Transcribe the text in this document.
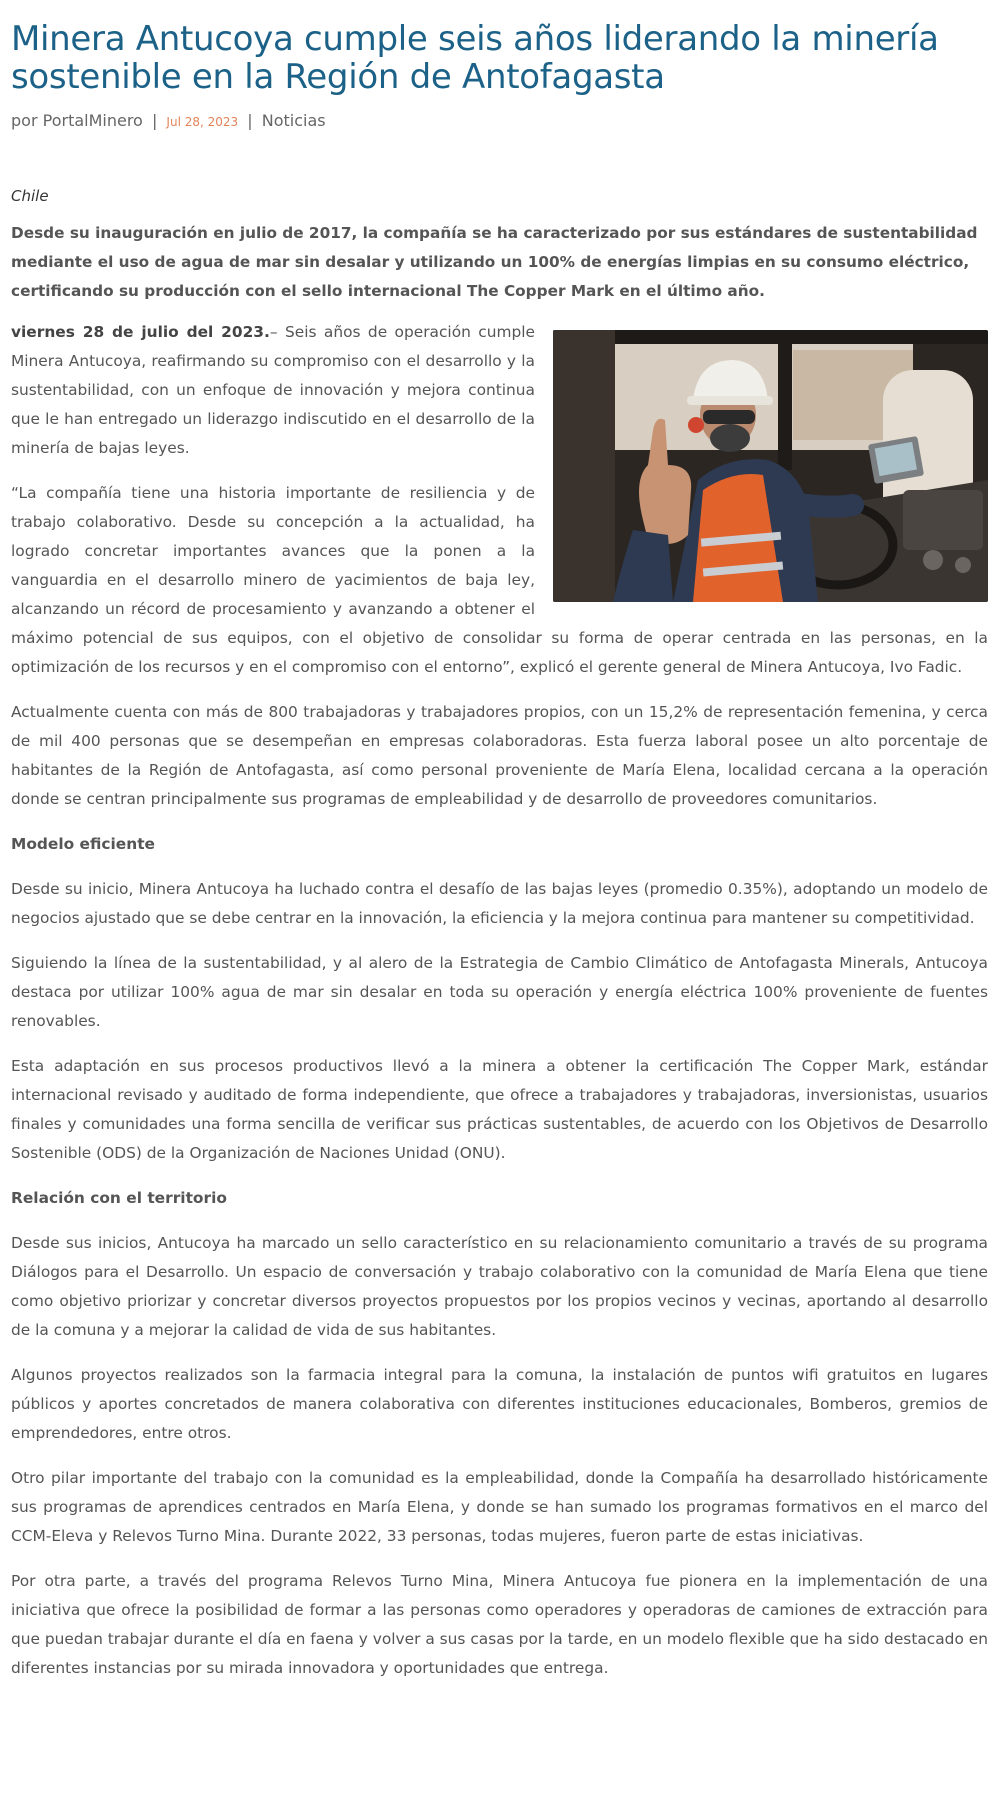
Minera Antucoya cumple seis años liderando la minería sostenible en la Región de Antofagasta
por PortalMinero | Jul 28, 2023 | Noticias
Chile
Desde su inauguración en julio de 2017, la compañía se ha caracterizado por sus estándares de sustentabilidad mediante el uso de agua de mar sin desalar y utilizando un 100% de energías limpias en su consumo eléctrico, certificando su producción con el sello internacional The Copper Mark en el último año.

viernes 28 de julio del 2023.– Seis años de operación cumple Minera Antucoya, reafirmando su compromiso con el desarrollo y la sustentabilidad, con un enfoque de innovación y mejora continua que le han entregado un liderazgo indiscutido en el desarrollo de la minería de bajas leyes.

“La compañía tiene una historia importante de resiliencia y de trabajo colaborativo. Desde su concepción a la actualidad, ha logrado concretar importantes avances que la ponen a la vanguardia en el desarrollo minero de yacimientos de baja ley, alcanzando un récord de procesamiento y avanzando a obtener el máximo potencial de sus equipos, con el objetivo de consolidar su forma de operar centrada en las personas, en la optimización de los recursos y en el compromiso con el entorno”, explicó el gerente general de Minera Antucoya, Ivo Fadic.

Actualmente cuenta con más de 800 trabajadoras y trabajadores propios, con un 15,2% de representación femenina, y cerca de mil 400 personas que se desempeñan en empresas colaboradoras. Esta fuerza laboral posee un alto porcentaje de habitantes de la Región de Antofagasta, así como personal proveniente de María Elena, localidad cercana a la operación donde se centran principalmente sus programas de empleabilidad y de desarrollo de proveedores comunitarios.

Modelo eficiente

Desde su inicio, Minera Antucoya ha luchado contra el desafío de las bajas leyes (promedio 0.35%), adoptando un modelo de negocios ajustado que se debe centrar en la innovación, la eficiencia y la mejora continua para mantener su competitividad.

Siguiendo la línea de la sustentabilidad, y al alero de la Estrategia de Cambio Climático de Antofagasta Minerals, Antucoya destaca por utilizar 100% agua de mar sin desalar en toda su operación y energía eléctrica 100% proveniente de fuentes renovables.

Esta adaptación en sus procesos productivos llevó a la minera a obtener la certificación The Copper Mark, estándar internacional revisado y auditado de forma independiente, que ofrece a trabajadores y trabajadoras, inversionistas, usuarios finales y comunidades una forma sencilla de verificar sus prácticas sustentables, de acuerdo con los Objetivos de Desarrollo Sostenible (ODS) de la Organización de Naciones Unidad (ONU).

Relación con el territorio

Desde sus inicios, Antucoya ha marcado un sello característico en su relacionamiento comunitario a través de su programa Diálogos para el Desarrollo. Un espacio de conversación y trabajo colaborativo con la comunidad de María Elena que tiene como objetivo priorizar y concretar diversos proyectos propuestos por los propios vecinos y vecinas, aportando al desarrollo de la comuna y a mejorar la calidad de vida de sus habitantes.

Algunos proyectos realizados son la farmacia integral para la comuna, la instalación de puntos wifi gratuitos en lugares públicos y aportes concretados de manera colaborativa con diferentes instituciones educacionales, Bomberos, gremios de emprendedores, entre otros.

Otro pilar importante del trabajo con la comunidad es la empleabilidad, donde la Compañía ha desarrollado históricamente sus programas de aprendices centrados en María Elena, y donde se han sumado los programas formativos en el marco del CCM-Eleva y Relevos Turno Mina. Durante 2022, 33 personas, todas mujeres, fueron parte de estas iniciativas.

Por otra parte, a través del programa Relevos Turno Mina, Minera Antucoya fue pionera en la implementación de una iniciativa que ofrece la posibilidad de formar a las personas como operadores y operadoras de camiones de extracción para que puedan trabajar durante el día en faena y volver a sus casas por la tarde, en un modelo flexible que ha sido destacado en diferentes instancias por su mirada innovadora y oportunidades que entrega.
